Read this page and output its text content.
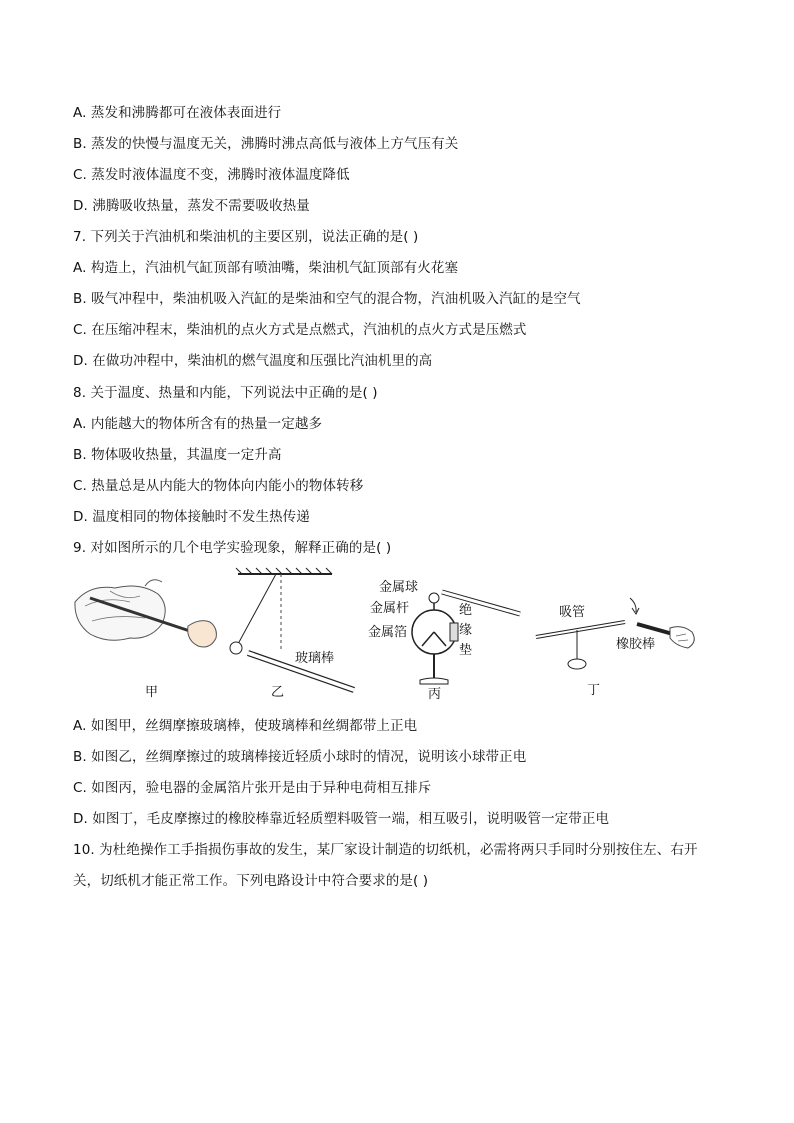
A. 蒸发和沸腾都可在液体表面进行
B. 蒸发的快慢与温度无关，沸腾时沸点高低与液体上方气压有关
C. 蒸发时液体温度不变，沸腾时液体温度降低
D. 沸腾吸收热量，蒸发不需要吸收热量
7. 下列关于汽油机和柴油机的主要区别，说法正确的是( )
A. 构造上，汽油机气缸顶部有喷油嘴，柴油机气缸顶部有火花塞
B. 吸气冲程中，柴油机吸入汽缸的是柴油和空气的混合物，汽油机吸入汽缸的是空气
C. 在压缩冲程末，柴油机的点火方式是点燃式，汽油机的点火方式是压燃式
D. 在做功冲程中，柴油机的燃气温度和压强比汽油机里的高
8. 关于温度、热量和内能，下列说法中正确的是( )
A. 内能越大的物体所含有的热量一定越多
B. 物体吸收热量，其温度一定升高
C. 热量总是从内能大的物体向内能小的物体转移
D. 温度相同的物体接触时不发生热传递
9. 对如图所示的几个电学实验现象，解释正确的是( )
甲
玻璃棒
乙
金属球
金属杆
金属箔
绝
缘
垫
丙
吸管
橡胶棒
丁
A. 如图甲，丝绸摩擦玻璃棒，使玻璃棒和丝绸都带上正电
B. 如图乙，丝绸摩擦过的玻璃棒接近轻质小球时的情况，说明该小球带正电
C. 如图丙，验电器的金属箔片张开是由于异种电荷相互排斥
D. 如图丁，毛皮摩擦过的橡胶棒靠近轻质塑料吸管一端，相互吸引，说明吸管一定带正电
10. 为杜绝操作工手指损伤事故的发生，某厂家设计制造的切纸机，必需将两只手同时分别按住左、右开
关，切纸机才能正常工作。下列电路设计中符合要求的是( )
